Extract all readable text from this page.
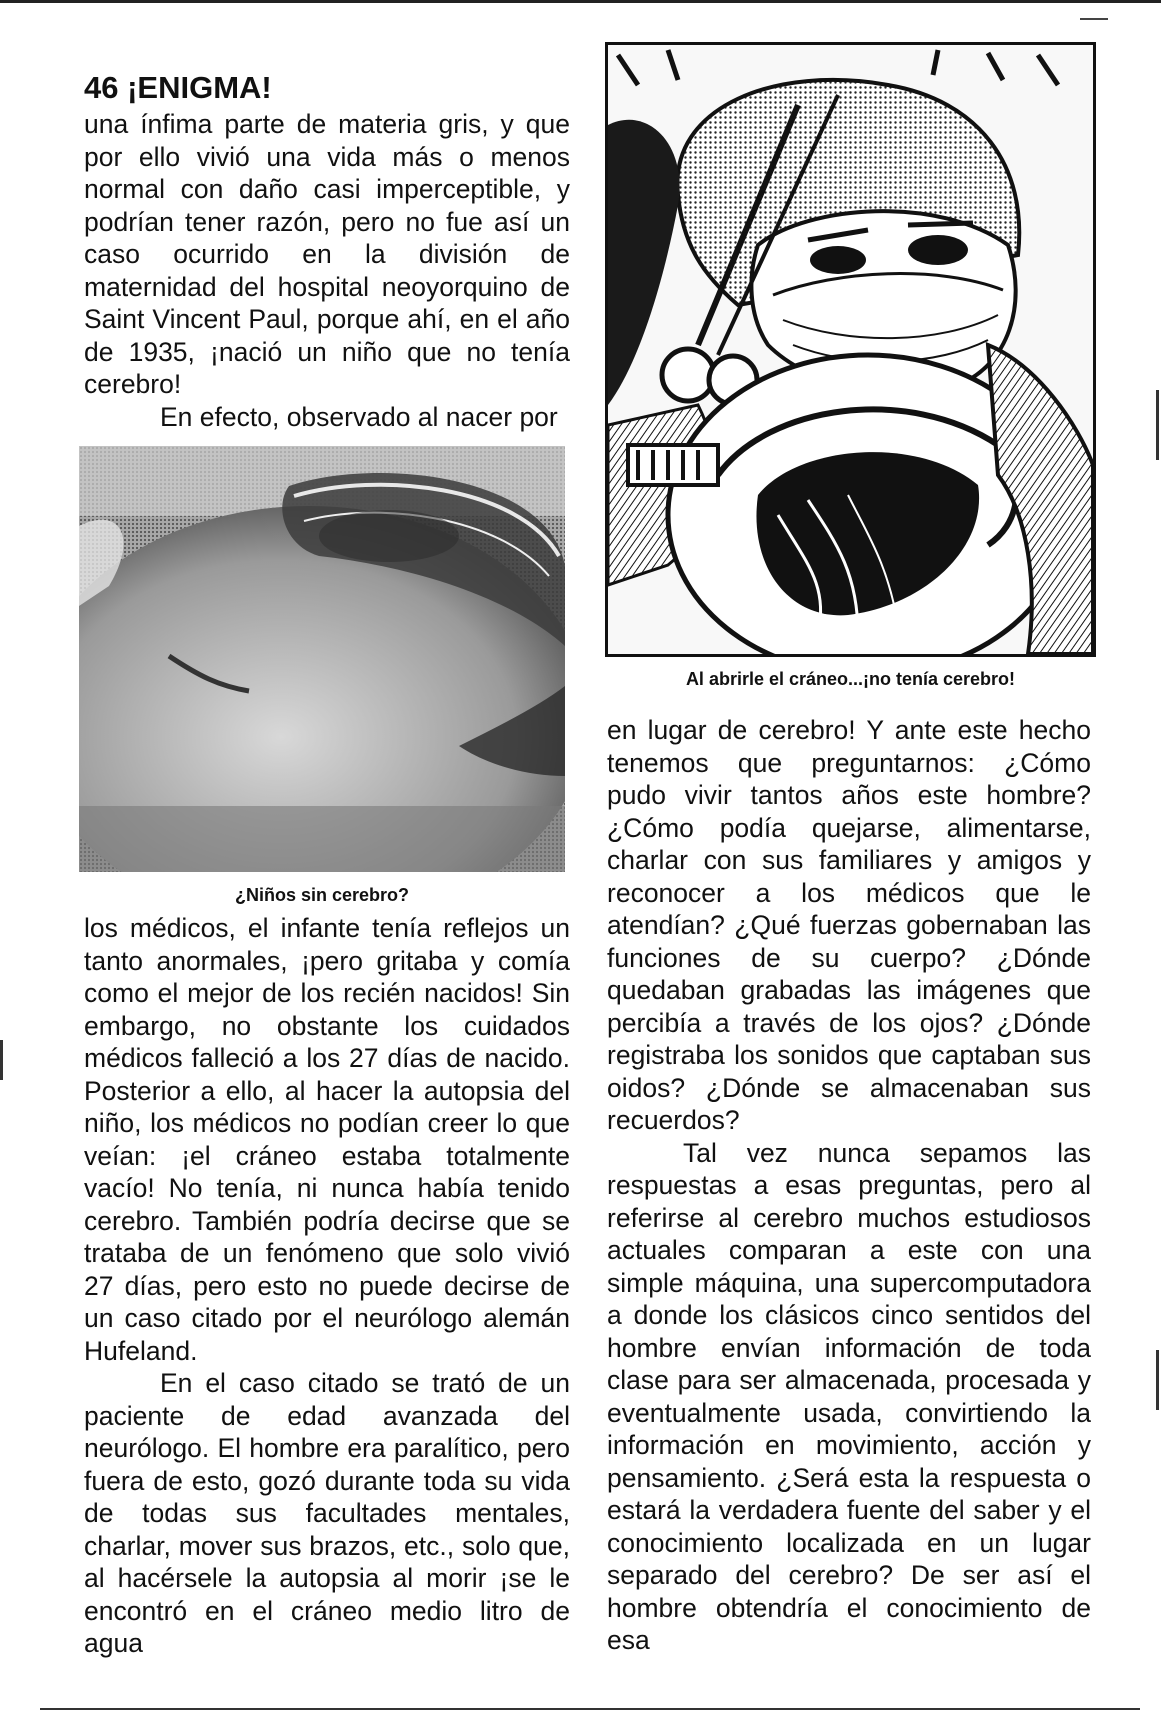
46 ¡ENIGMA!

una ínfima parte de materia gris, y que por ello vivió una vida más o menos normal con daño casi imperceptible, y podrían tener razón, pero no fue así un caso ocurrido en la división de maternidad del hospital neoyorquino de Saint Vincent Paul, porque ahí, en el año de 1935, ¡nació un niño que no tenía cerebro!

En efecto, observado al nacer por

¿Niños sin cerebro?

los médicos, el infante tenía reflejos un tanto anormales, ¡pero gritaba y comía como el mejor de los recién nacidos! Sin embargo, no obstante los cuidados médicos falleció a los 27 días de nacido. Posterior a ello, al hacer la autopsia del niño, los médicos no podían creer lo que veían: ¡el cráneo estaba totalmente vacío! No tenía, ni nunca había tenido cerebro. También podría decirse que se trataba de un fenómeno que solo vivió 27 días, pero esto no puede decirse de un caso citado por el neurólogo alemán Hufeland.

En el caso citado se trató de un paciente de edad avanzada del neurólogo. El hombre era paralítico, pero fuera de esto, gozó durante toda su vida de todas sus facultades mentales, charlar, mover sus brazos, etc., solo que, al hacérsele la autopsia al morir ¡se le encontró en el cráneo medio litro de agua

Al abrirle el cráneo...¡no tenía cerebro!

en lugar de cerebro! Y ante este hecho tenemos que preguntarnos: ¿Cómo pudo vivir tantos años este hombre? ¿Cómo podía quejarse, alimentarse, charlar con sus familiares y amigos y reconocer a los médicos que le atendían? ¿Qué fuerzas gobernaban las funciones de su cuerpo? ¿Dónde quedaban grabadas las imágenes que percibía a través de los ojos? ¿Dónde registraba los sonidos que captaban sus oidos? ¿Dónde se almacenaban sus recuerdos?

Tal vez nunca sepamos las respuestas a esas preguntas, pero al referirse al cerebro muchos estudiosos actuales comparan a este con una simple máquina, una supercomputadora a donde los clásicos cinco sentidos del hombre envían información de toda clase para ser almacenada, procesada y eventualmente usada, convirtiendo la información en movimiento, acción y pensamiento. ¿Será esta la respuesta o estará la verdadera fuente del saber y el conocimiento localizada en un lugar separado del cerebro? De ser así el hombre obtendría el conocimiento de esa
